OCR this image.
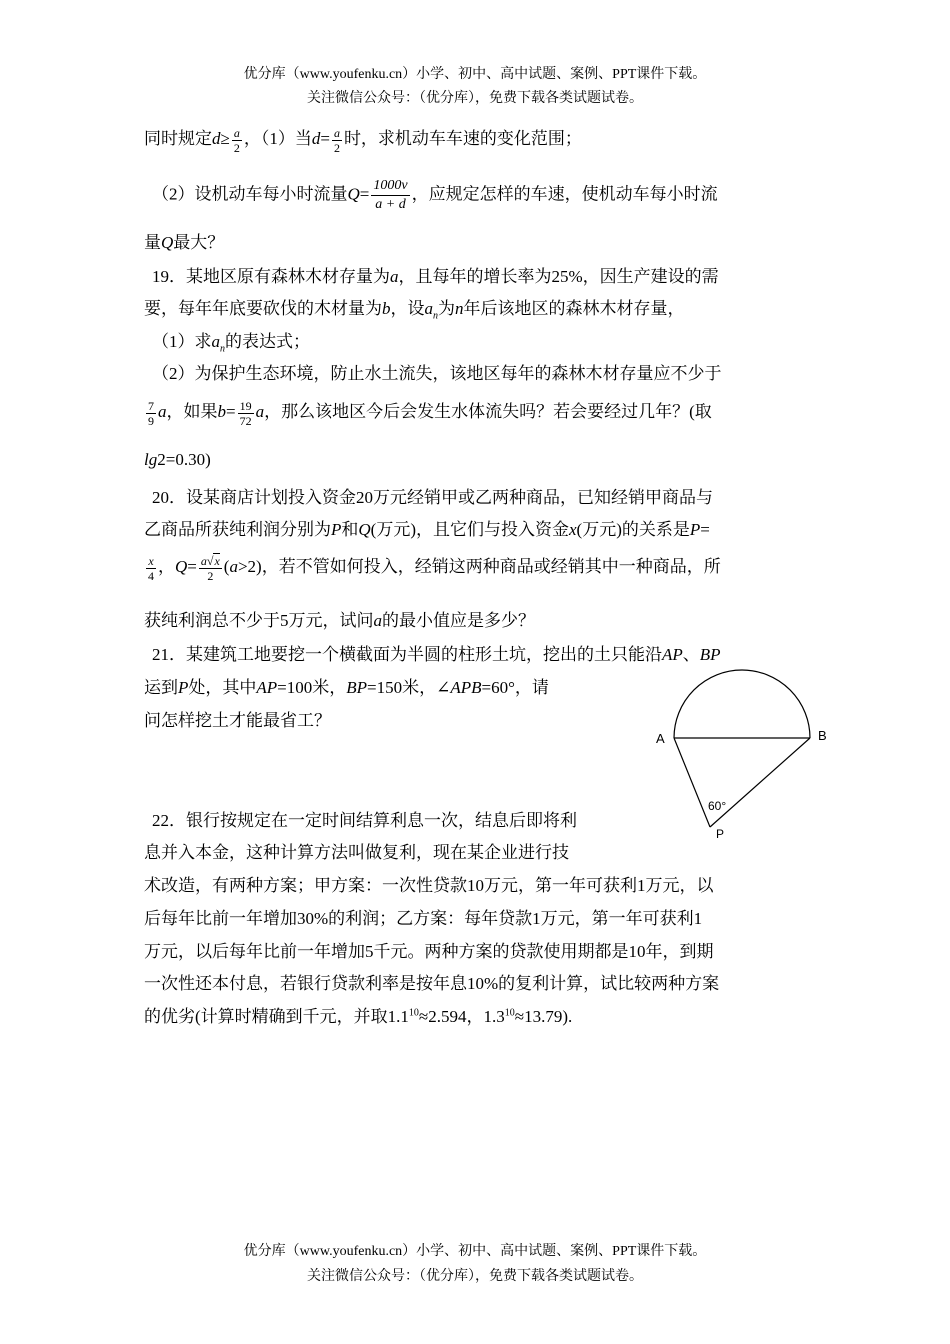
优分库（www.youfenku.cn）小学、初中、高中试题、案例、PPT课件下载。
关注微信公众号：（优分库），免费下载各类试题试卷。
同时规定$d\ge \frac{a}{2}$ ，（1）当$d= \frac{a}{2}$ 时，求机动车车速的变化范围；
（2）设机动车每小时流量$Q= \frac{1000v}{a + d}$ ，应规定怎样的车速，使机动车每小时流
量Q最大？
19．某地区原有森林木材存量为a，且每年的增长率为25%，因生产建设的需
要，每年年底要砍伐的木材量为b，设$a_n$为n年后该地区的森林木材存量，
（1）求$a_n$的表达式；
（2）为保护生态环境，防止水土流失，该地区每年的森林木材存量应不少于
$\frac{7}{9}$ a，如果$b= \frac{19}{72}$ a，那么该地区今后会发生水体流失吗？若会要经过几年？(取
lg2=0.30)
20．设某商店计划投入资金20万元经销甲或乙两种商品，已知经销甲商品与
乙商品所获纯利润分别为P和Q(万元)，且它们与投入资金x(万元)的关系是P=
$\frac{x}{4}$ ，$Q= \frac{a√x}{2} (a>2)$，若不管如何投入，经销这两种商品或经销其中一种商品，所
获纯利润总不少于5万元，试问a的最小值应是多少？
21．某建筑工地要挖一个横截面为半圆的柱形土坑，挖出的土只能沿AP、BP
运到P处，其中AP=100米，BP=150米，∠APB=60°，请
问怎样挖土才能最省工？
A	B
P
60°
22．银行按规定在一定时间结算利息一次，结息后即将利
息并入本金，这种计算方法叫做复利，现在某企业进行技
术改造，有两种方案；甲方案：一次性贷款10万元，第一年可获利1万元，以
后每年比前一年增加30%的利润；乙方案：每年贷款1万元，第一年可获利1
万元，以后每年比前一年增加5千元。两种方案的贷款使用期都是10年，到期
一次性还本付息，若银行贷款利率是按年息10%的复利计算，试比较两种方案
的优劣(计算时精确到千元，并取$1.1^{10}\approx 2.594$，$1.3^{10}\approx 13.79$).
优分库（www.youfenku.cn）小学、初中、高中试题、案例、PPT课件下载。
关注微信公众号：（优分库），免费下载各类试题试卷。
